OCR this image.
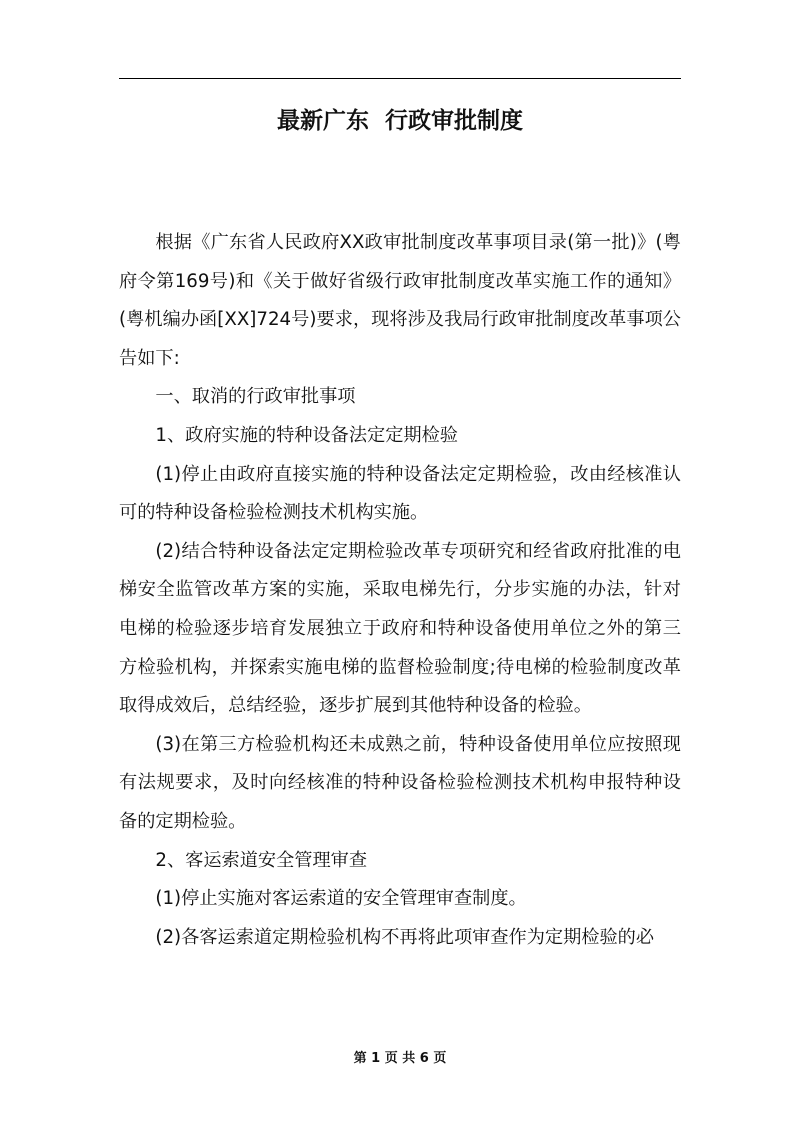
最新广东  行政审批制度

根据《广东省人民政府XX政审批制度改革事项目录(第一批)》(粤府令第169号)和《关于做好省级行政审批制度改革实施工作的通知》(粤机编办函[XX]724号)要求，现将涉及我局行政审批制度改革事项公告如下:

一、取消的行政审批事项

1、政府实施的特种设备法定定期检验

(1)停止由政府直接实施的特种设备法定定期检验，改由经核准认可的特种设备检验检测技术机构实施。

(2)结合特种设备法定定期检验改革专项研究和经省政府批准的电梯安全监管改革方案的实施，采取电梯先行，分步实施的办法，针对电梯的检验逐步培育发展独立于政府和特种设备使用单位之外的第三方检验机构，并探索实施电梯的监督检验制度;待电梯的检验制度改革取得成效后，总结经验，逐步扩展到其他特种设备的检验。

(3)在第三方检验机构还未成熟之前，特种设备使用单位应按照现有法规要求，及时向经核准的特种设备检验检测技术机构申报特种设备的定期检验。

2、客运索道安全管理审查

(1)停止实施对客运索道的安全管理审查制度。

(2)各客运索道定期检验机构不再将此项审查作为定期检验的必

第 1 页 共 6 页
